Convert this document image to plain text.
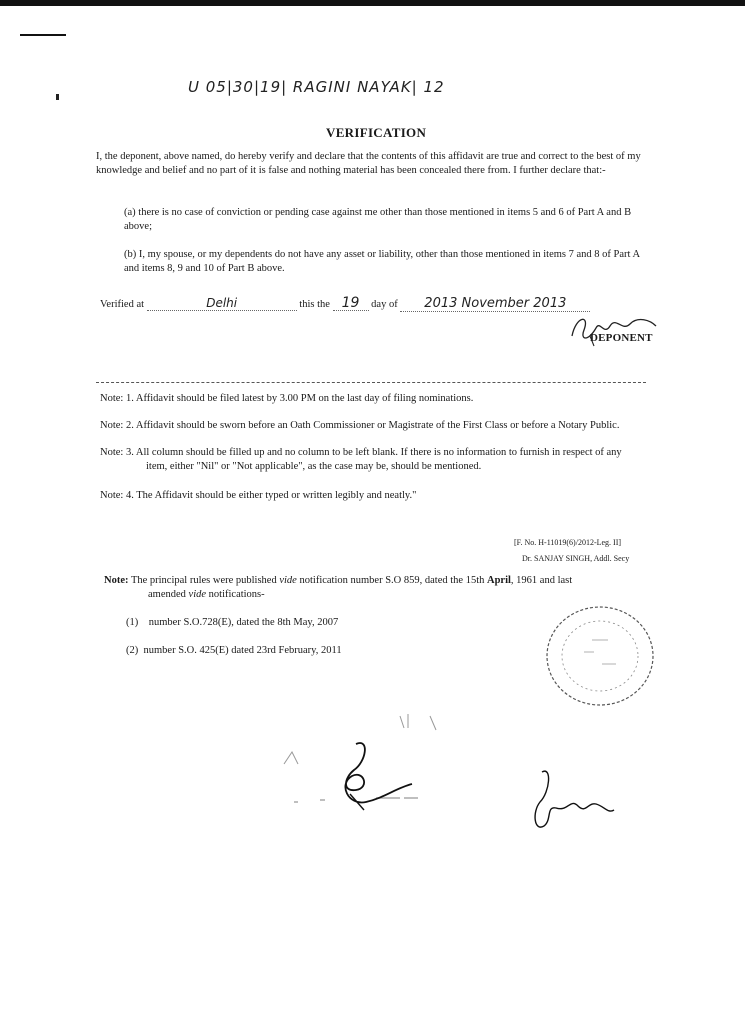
U 05|30|19| RAGINI NAYAK| 12
VERIFICATION
I, the deponent, above named, do hereby verify and declare that the contents of this affidavit are true and correct to the best of my knowledge and belief and no part of it is false and nothing material has been concealed there from. I further declare that:-
(a) there is no case of conviction or pending case against me other than those mentioned in items 5 and 6 of Part A and B above;
(b) I, my spouse, or my dependents do not have any asset or liability, other than those mentioned in items 7 and 8 of Part A and items 8, 9 and 10 of Part B above.
Verified at	Delhi	this the 19 day of 2013 November 2013
DEPONENT
Note: 1. Affidavit should be filed latest by 3.00 PM on the last day of filing nominations.
Note: 2. Affidavit should be sworn before an Oath Commissioner or Magistrate of the First Class or before a Notary Public.
Note: 3. All column should be filled up and no column to be left blank. If there is no information to furnish in respect of any item, either "Nil" or "Not applicable", as the case may be, should be mentioned.
Note: 4. The Affidavit should be either typed or written legibly and neatly."
[F. No. H-11019(6)/2012-Leg. II]
Dr. SANJAY SINGH, Addl. Secy
Note: The principal rules were published vide notification number S.O 859, dated the 15th April, 1961 and last
amended vide notifications-
(1)    number S.O.728(E), dated the 8th May, 2007
(2)  number S.O. 425(E) dated 23rd February, 2011
